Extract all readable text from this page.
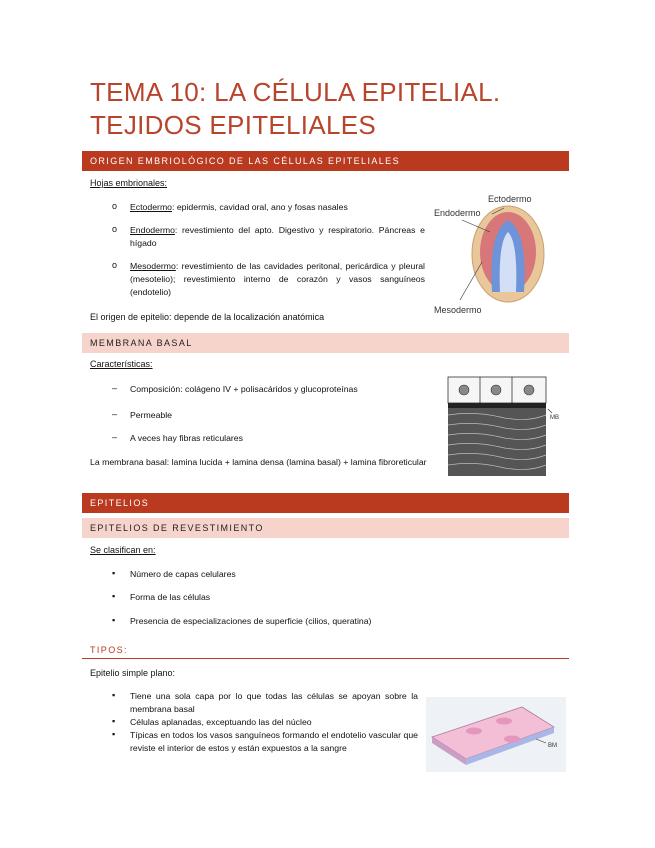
TEMA 10: LA CÉLULA EPITELIAL. TEJIDOS EPITELIALES
ORIGEN EMBRIOLÓGICO DE LAS CÉLULAS EPITELIALES
Hojas embrionales:
o Ectodermo: epidermis, cavidad oral, ano y fosas nasales
o Endodermo: revestimiento del apto. Digestivo y respiratorio. Páncreas e hígado
o Mesodermo: revestimiento de las cavidades peritonal, pericárdica y pleural (mesotelio); revestimiento interno de corazón y vasos sanguíneos (endotelio)
El origen de epitelio: depende de la localización anatómica
Ectodermo
Endodermo
Mesodermo
MEMBRANA BASAL
Características:
– Composición: colágeno IV + polisacáridos y glucoproteínas
– Permeable
– A veces hay fibras reticulares
La membrana basal: lamina lucida + lamina densa (lamina basal) + lamina fibroreticular
MB
EPITELIOS
EPITELIOS DE REVESTIMIENTO
Se clasifican en:
▪ Número de capas celulares
▪ Forma de las células
▪ Presencia de especializaciones de superficie (cilios, queratina)
TIPOS:
Epitelio simple plano:
▪ Tiene una sola capa por lo que todas las células se apoyan sobre la membrana basal
▪ Células aplanadas, exceptuando las del núcleo
▪ Típicas en todos los vasos sanguíneos formando el endotelio vascular que reviste el interior de estos y están expuestos a la sangre	BM
